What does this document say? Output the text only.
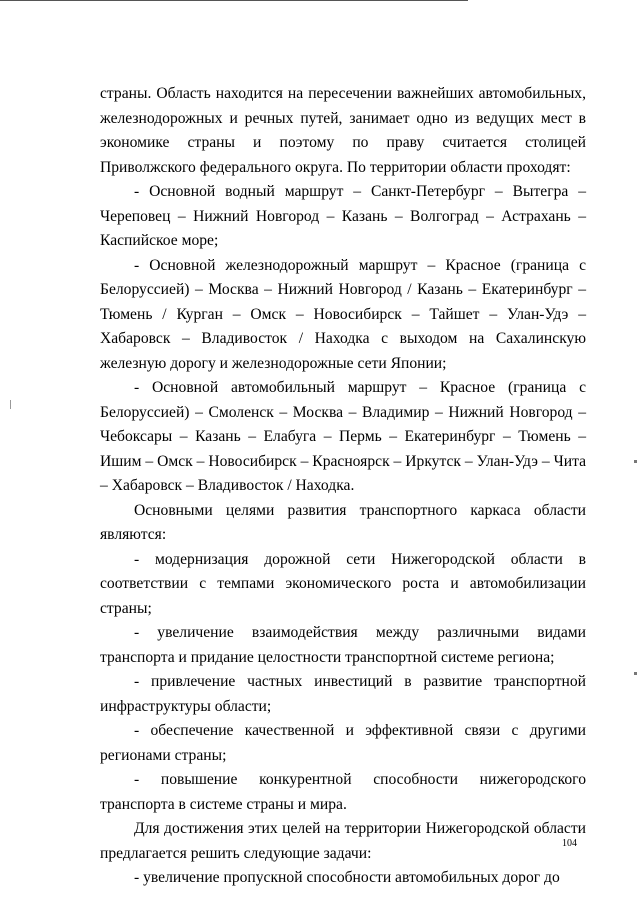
страны. Область находится на пересечении важнейших автомобильных, железнодорожных и речных путей, занимает одно из ведущих мест в экономике страны и поэтому по праву считается столицей Приволжского федерального округа. По территории области проходят:

- Основной водный маршрут – Санкт-Петербург – Вытегра – Череповец – Нижний Новгород – Казань – Волгоград – Астрахань – Каспийское море;

- Основной железнодорожный маршрут – Красное (граница с Белоруссией) – Москва – Нижний Новгород / Казань – Екатеринбург – Тюмень / Курган – Омск – Новосибирск – Тайшет – Улан-Удэ – Хабаровск – Владивосток / Находка с выходом на Сахалинскую железную дорогу и железнодорожные сети Японии;

- Основной автомобильный маршрут – Красное (граница с Белоруссией) – Смоленск – Москва – Владимир – Нижний Новгород – Чебоксары – Казань – Елабуга – Пермь – Екатеринбург – Тюмень – Ишим – Омск – Новосибирск – Красноярск – Иркутск – Улан-Удэ – Чита – Хабаровск – Владивосток / Находка.

Основными целями развития транспортного каркаса области являются:

- модернизация дорожной сети Нижегородской области в соответствии с темпами экономического роста и автомобилизации страны;

- увеличение взаимодействия между различными видами транспорта и придание целостности транспортной системе региона;

- привлечение частных инвестиций в развитие транспортной инфраструктуры области;

- обеспечение качественной и эффективной связи с другими регионами страны;

- повышение конкурентной способности нижегородского транспорта в системе страны и мира.

Для достижения этих целей на территории Нижегородской области предлагается решить следующие задачи:

- увеличение пропускной способности автомобильных дорог до

104
